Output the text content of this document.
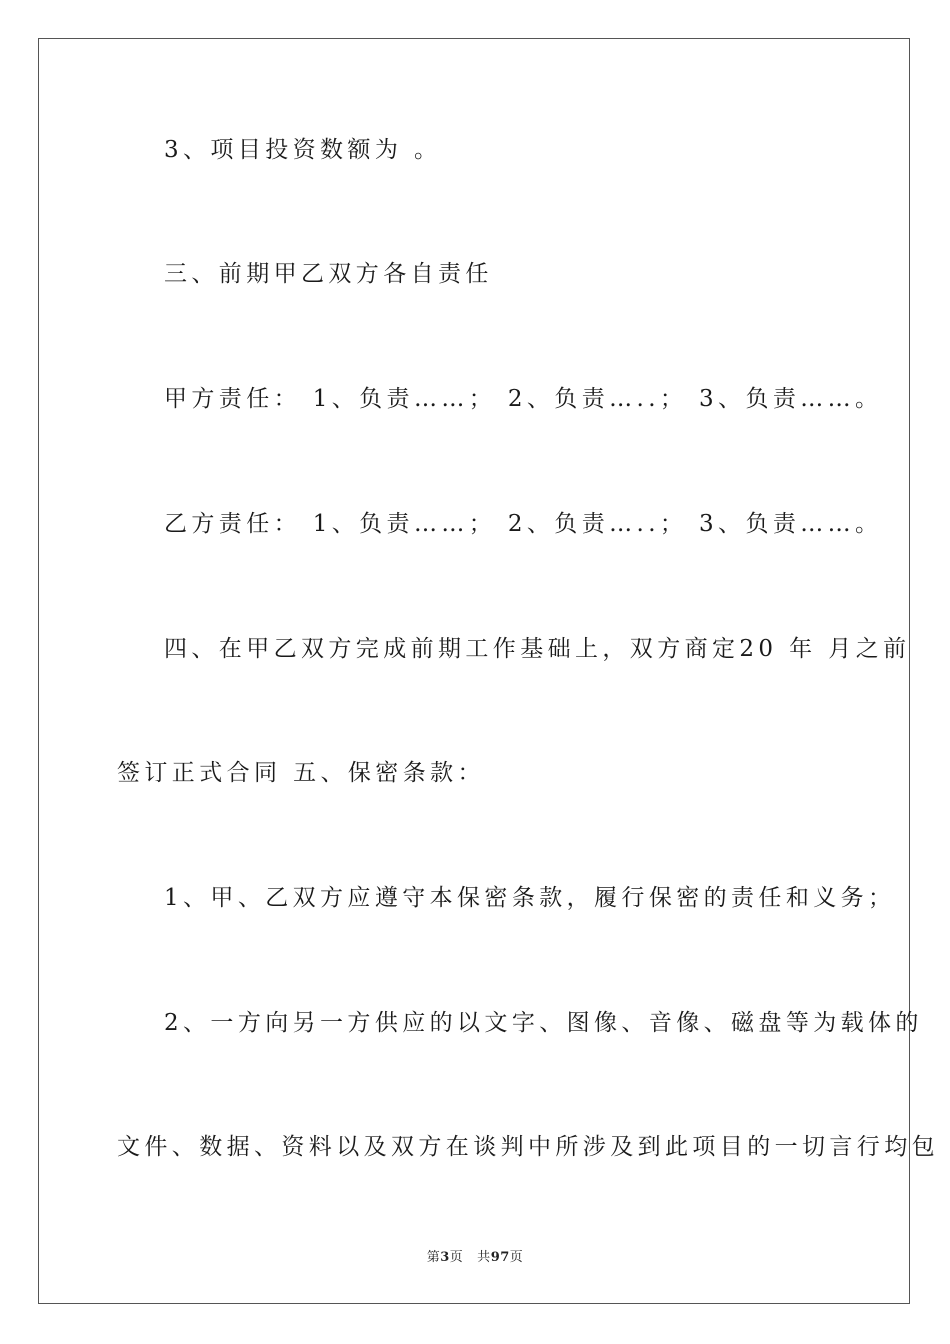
3、项目投资数额为 。
三、前期甲乙双方各自责任
甲方责任： 1、负责……； 2、负责…..； 3、负责……。
乙方责任： 1、负责……； 2、负责…..； 3、负责……。
四、在甲乙双方完成前期工作基础上，双方商定20 年 月之前
签订正式合同 五、保密条款：
1、甲、乙双方应遵守本保密条款，履行保密的责任和义务；
2、一方向另一方供应的以文字、图像、音像、磁盘等为载体的
文件、数据、资料以及双方在谈判中所涉及到此项目的一切言行均包
第3页 共97页
